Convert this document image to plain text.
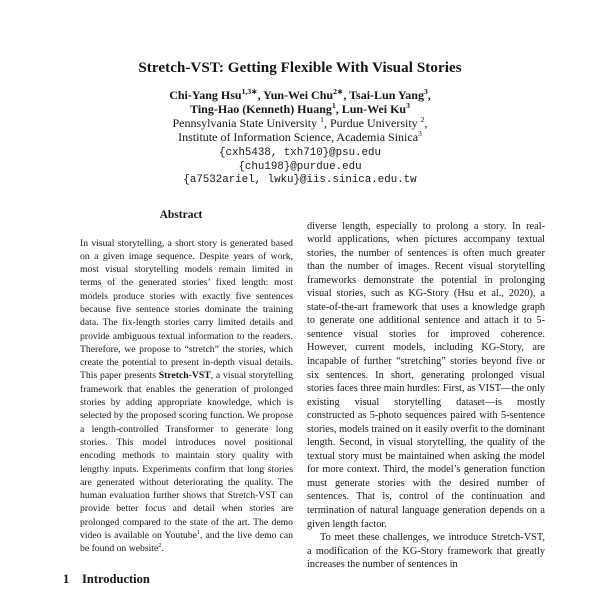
Stretch-VST: Getting Flexible With Visual Stories
Chi-Yang Hsu$^{1,3∗}$, Yun-Wei Chu$^{2∗}$, Tsai-Lun Yang$^3$,
Ting-Hao (Kenneth) Huang$^1$, Lun-Wei Ku$^3$
Pennsylvania State University $^1$, Purdue University $^2$,
Institute of Information Science, Academia Sinica$^3$
{cxh5438, txh710}@psu.edu
{chu198}@purdue.edu
{a7532ariel, lwku}@iis.sinica.edu.tw
Abstract

In visual storytelling, a short story is generated based on a given image sequence. Despite years of work, most visual storytelling models remain limited in terms of the generated stories’ fixed length: most models produce stories with exactly five sentences because five sentence stories dominate the training data. The fix-length stories carry limited details and provide ambiguous textual information to the readers. Therefore, we propose to “stretch” the stories, which create the potential to present in-depth visual details. This paper presents Stretch-VST, a visual storytelling framework that enables the generation of prolonged stories by adding appropriate knowledge, which is selected by the proposed scoring function. We propose a length-controlled Transformer to generate long stories. This model introduces novel positional encoding methods to maintain story quality with lengthy inputs. Experiments confirm that long stories are generated without deteriorating the quality. The human evaluation further shows that Stretch-VST can provide better focus and detail when stories are prolonged compared to the state of the art. The demo video is available on Youtube$^1$, and the live demo can be found on website$^2$.

1 Introduction

diverse length, especially to prolong a story. In real-world applications, when pictures accompany textual stories, the number of sentences is often much greater than the number of images. Recent visual storytelling frameworks demonstrate the potential in prolonging visual stories, such as KG-Story (Hsu et al., 2020), a state-of-the-art framework that uses a knowledge graph to generate one additional sentence and attach it to 5-sentence visual stories for improved coherence. However, current models, including KG-Story, are incapable of further “stretching” stories beyond five or six sentences. In short, generating prolonged visual stories faces three main hurdles: First, as VIST—the only existing visual storytelling dataset—is mostly constructed as 5-photo sequences paired with 5-sentence stories, models trained on it easily overfit to the dominant length. Second, in visual storytelling, the quality of the textual story must be maintained when asking the model for more context. Third, the model’s generation function must generate stories with the desired number of sentences. That is, control of the continuation and termination of natural language generation depends on a given length factor.

To meet these challenges, we introduce Stretch-VST, a modification of the KG-Story framework that greatly increases the number of sentences in
